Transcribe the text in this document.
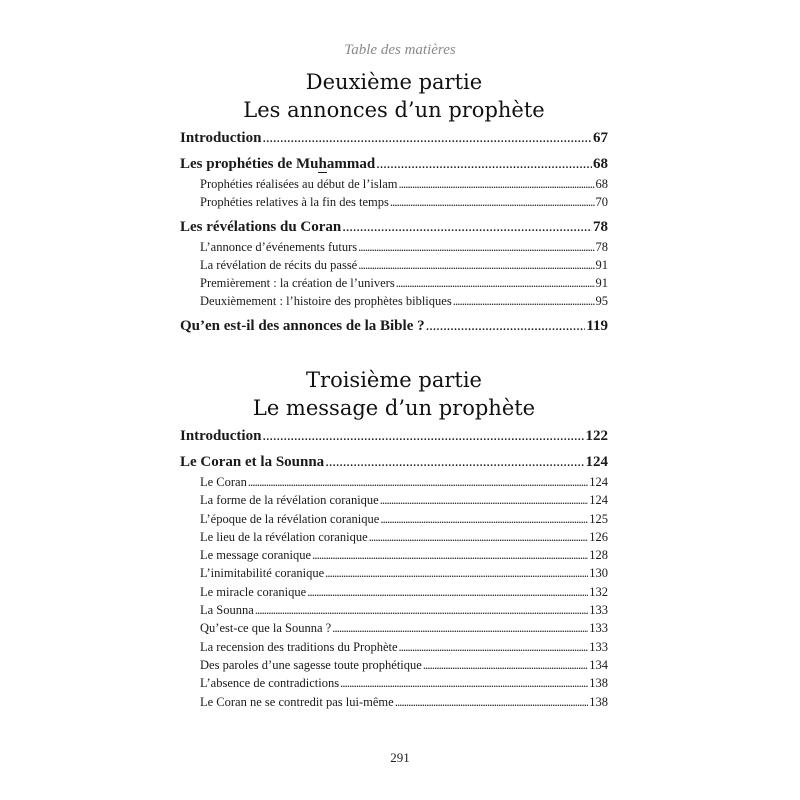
Table des matières
Deuxième partie
Les annonces d’un prophète
Introduction . . .	67
Les prophéties de Muhammad . . .	68
Prophéties réalisées au début de l’islam . . .	68
Prophéties relatives à la fin des temps . . .	70
Les révélations du Coran . . .	78
L’annonce d’événements futurs . . .	78
La révélation de récits du passé . . .	91
Premièrement : la création de l’univers . . .	91
Deuxièmement : l’histoire des prophètes bibliques . . .	95
Qu’en est-il des annonces de la Bible ? . . .	119
Troisième partie
Le message d’un prophète
Introduction . . .	122
Le Coran et la Sounna . . .	124
Le Coran . . .	124
La forme de la révélation coranique . . .	124
L’époque de la révélation coranique . . .	125
Le lieu de la révélation coranique . . .	126
Le message coranique . . .	128
L’inimitabilité coranique . . .	130
Le miracle coranique . . .	132
La Sounna . . .	133
Qu’est-ce que la Sounna ? . . .	133
La recension des traditions du Prophète . . .	133
Des paroles d’une sagesse toute prophétique . . .	134
L’absence de contradictions . . .	138
Le Coran ne se contredit pas lui-même . . .	138
291
